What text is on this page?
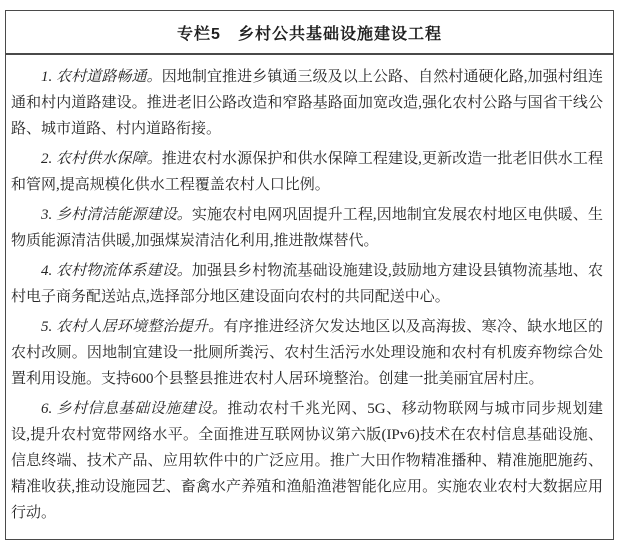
专栏5　乡村公共基础设施建设工程

1. 农村道路畅通。因地制宜推进乡镇通三级及以上公路、自然村通硬化路,加强村组连通和村内道路建设。推进老旧公路改造和窄路基路面加宽改造,强化农村公路与国省干线公路、城市道路、村内道路衔接。

2. 农村供水保障。推进农村水源保护和供水保障工程建设,更新改造一批老旧供水工程和管网,提高规模化供水工程覆盖农村人口比例。

3. 乡村清洁能源建设。实施农村电网巩固提升工程,因地制宜发展农村地区电供暖、生物质能源清洁供暖,加强煤炭清洁化利用,推进散煤替代。

4. 农村物流体系建设。加强县乡村物流基础设施建设,鼓励地方建设县镇物流基地、农村电子商务配送站点,选择部分地区建设面向农村的共同配送中心。

5. 农村人居环境整治提升。有序推进经济欠发达地区以及高海拔、寒冷、缺水地区的农村改厕。因地制宜建设一批厕所粪污、农村生活污水处理设施和农村有机废弃物综合处置利用设施。支持600个县整县推进农村人居环境整治。创建一批美丽宜居村庄。

6. 乡村信息基础设施建设。推动农村千兆光网、5G、移动物联网与城市同步规划建设,提升农村宽带网络水平。全面推进互联网协议第六版(IPv6)技术在农村信息基础设施、信息终端、技术产品、应用软件中的广泛应用。推广大田作物精准播种、精准施肥施药、精准收获,推动设施园艺、畜禽水产养殖和渔船渔港智能化应用。实施农业农村大数据应用行动。
